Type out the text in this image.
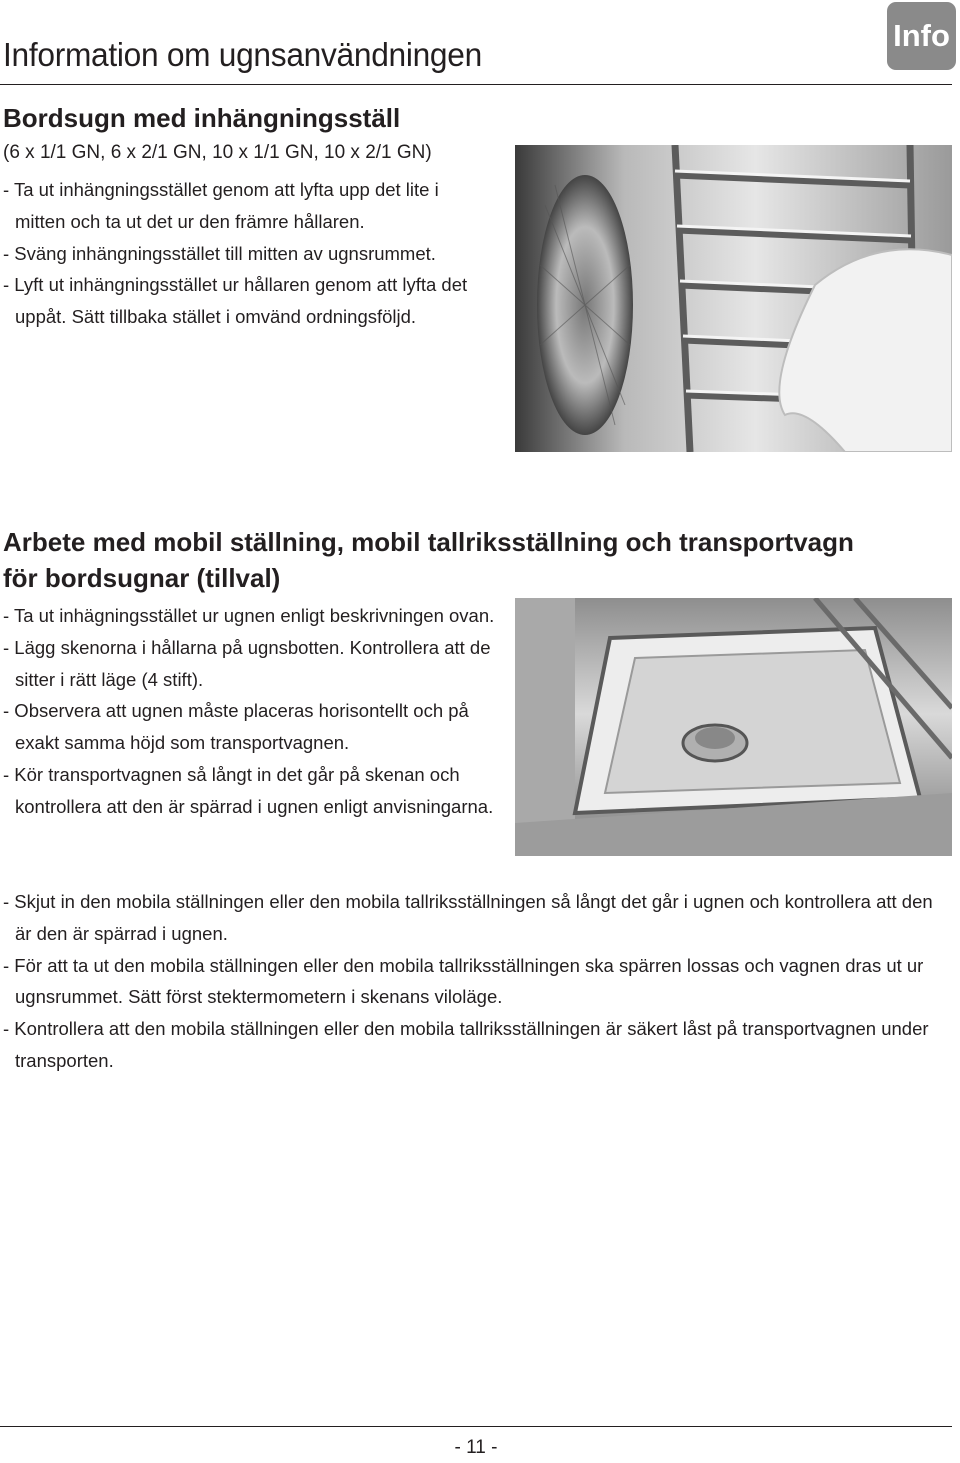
Information om ugnsanvändningen
Info
Bordsugn med inhängningsställ

(6 x 1/1 GN, 6 x 2/1 GN, 10 x 1/1 GN, 10 x 2/1 GN)

- Ta ut inhängningsstället genom att lyfta upp det lite i mitten och ta ut det ur den främre hållaren.

- Sväng inhängningsstället till mitten av ugnsrummet.

- Lyft ut inhängningsstället ur hållaren genom att lyfta det uppåt. Sätt tillbaka stället i omvänd ordningsföljd.

Arbete med mobil ställning, mobil tallriksställning och transportvagn
för bordsugnar (tillval)

- Ta ut inhägningsstället ur ugnen enligt beskrivningen ovan.

- Lägg skenorna i hållarna på ugnsbotten. Kontrollera att de sitter i rätt läge (4 stift).

- Observera att ugnen måste placeras horisontellt och på exakt samma höjd som transportvagnen.

- Kör transportvagnen så långt in det går på skenan och kontrollera att den är spärrad i ugnen enligt anvisningarna.

- Skjut in den mobila ställningen eller den mobila tallriksställningen så långt det går i ugnen och kontrollera att den är den är spärrad i ugnen.

- För att ta ut den mobila ställningen eller den mobila tallriksställningen ska spärren lossas och vagnen dras ut ur ugnsrummet. Sätt först stektermometern i skenans viloläge.

- Kontrollera att den mobila ställningen eller den mobila tallriksställningen är säkert låst på transportvagnen under transporten.

- 11 -
